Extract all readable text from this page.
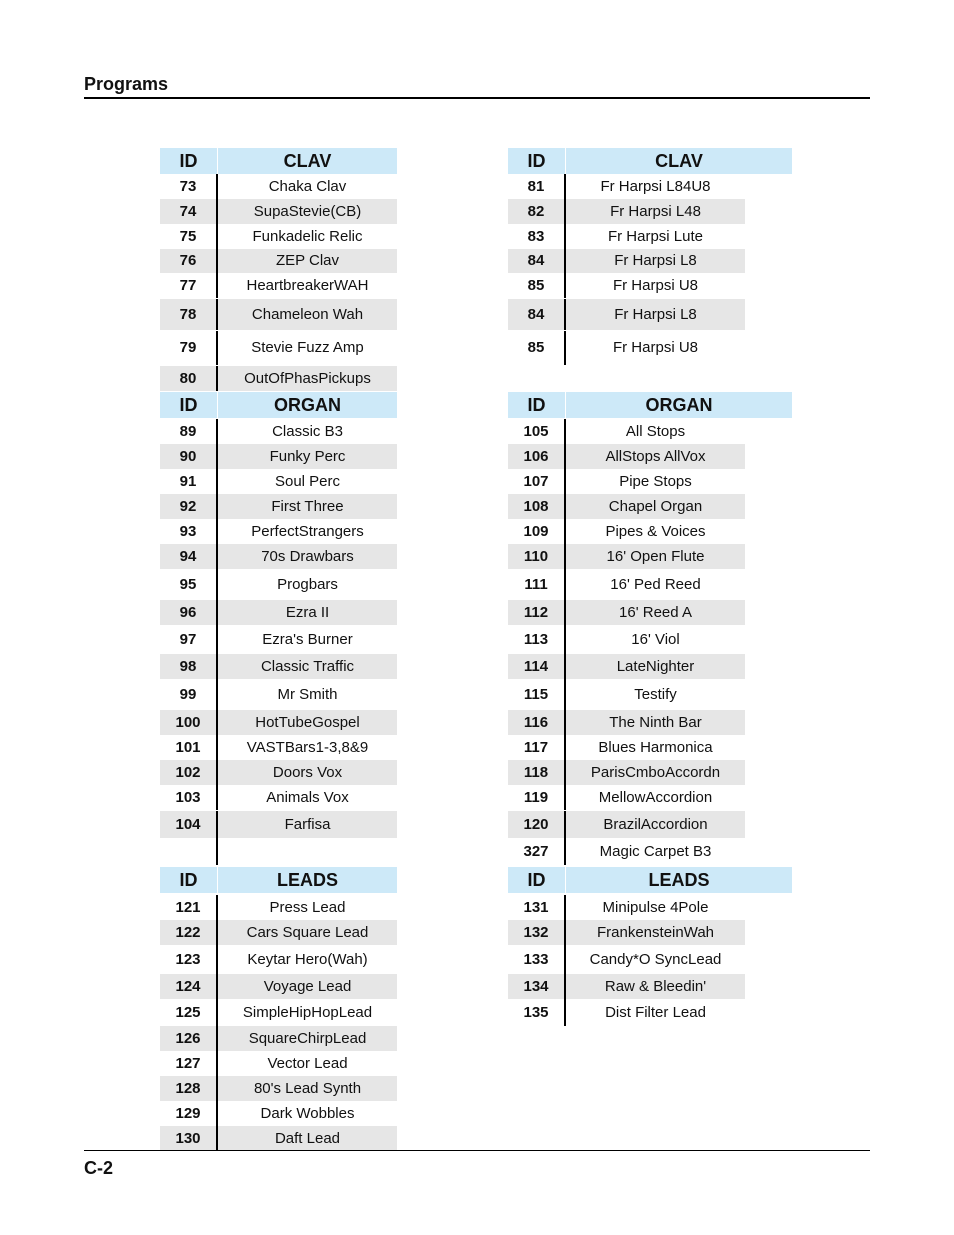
Programs
ID	CLAV
73	Chaka Clav
74	SupaStevie(CB)
75	Funkadelic Relic
76	ZEP Clav
77	HeartbreakerWAH
78	Chameleon Wah
79	Stevie Fuzz Amp
80	OutOfPhasPickups
ID	CLAV
81	Fr Harpsi L84U8
82	Fr Harpsi L48
83	Fr Harpsi Lute
84	Fr Harpsi L8
85	Fr Harpsi U8
84	Fr Harpsi L8
85	Fr Harpsi U8
ID	ORGAN
89	Classic B3
90	Funky Perc
91	Soul Perc
92	First Three
93	PerfectStrangers
94	70s Drawbars
95	Progbars
96	Ezra II
97	Ezra's Burner
98	Classic Traffic
99	Mr Smith
100	HotTubeGospel
101	VASTBars1-3,8&9
102	Doors Vox
103	Animals Vox
104	Farfisa
ID	ORGAN
105	All Stops
106	AllStops AllVox
107	Pipe Stops
108	Chapel Organ
109	Pipes & Voices
110	16' Open Flute
111	16' Ped Reed
112	16' Reed A
113	16' Viol
114	LateNighter
115	Testify
116	The Ninth Bar
117	Blues Harmonica
118	ParisCmboAccordn
119	MellowAccordion
120	BrazilAccordion
327	Magic Carpet B3
ID	LEADS
121	Press Lead
122	Cars Square Lead
123	Keytar Hero(Wah)
124	Voyage Lead
125	SimpleHipHopLead
126	SquareChirpLead
127	Vector Lead
128	80's Lead Synth
129	Dark Wobbles
130	Daft Lead
ID	LEADS
131	Minipulse 4Pole
132	FrankensteinWah
133	Candy*O SyncLead
134	Raw & Bleedin'
135	Dist Filter Lead
C-2
